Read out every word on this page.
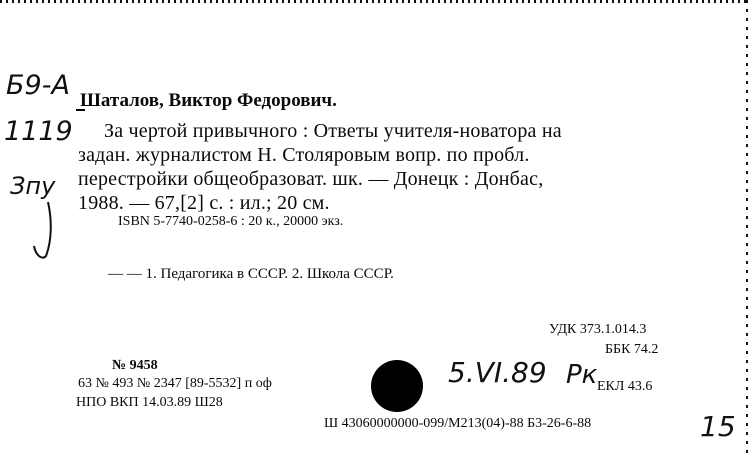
Б9-А
1119
Зпу
Шаталов, Виктор Федорович.
За чертой привычного : Ответы учителя-новатора на
задан. журналистом Н. Столяровым вопр. по пробл.
перестройки общеобразоват. шк. — Донецк : Донбас,
1988. — 67,[2] с. : ил.; 20 см.
ISBN 5-7740-0258-6 : 20 к., 20000 экз.
— — 1. Педагогика в СССР. 2. Школа СССР.
УДК 373.1.014.3
ББК 74.2
№ 9458
63 № 493 № 2347 [89-5532] п оф
НПО ВКП 14.03.89 Ш28
ЕКЛ 43.6
Ш 43060000000-099/М213(04)-88 Б3-26-6-88
5.VI.89 Рк
15
